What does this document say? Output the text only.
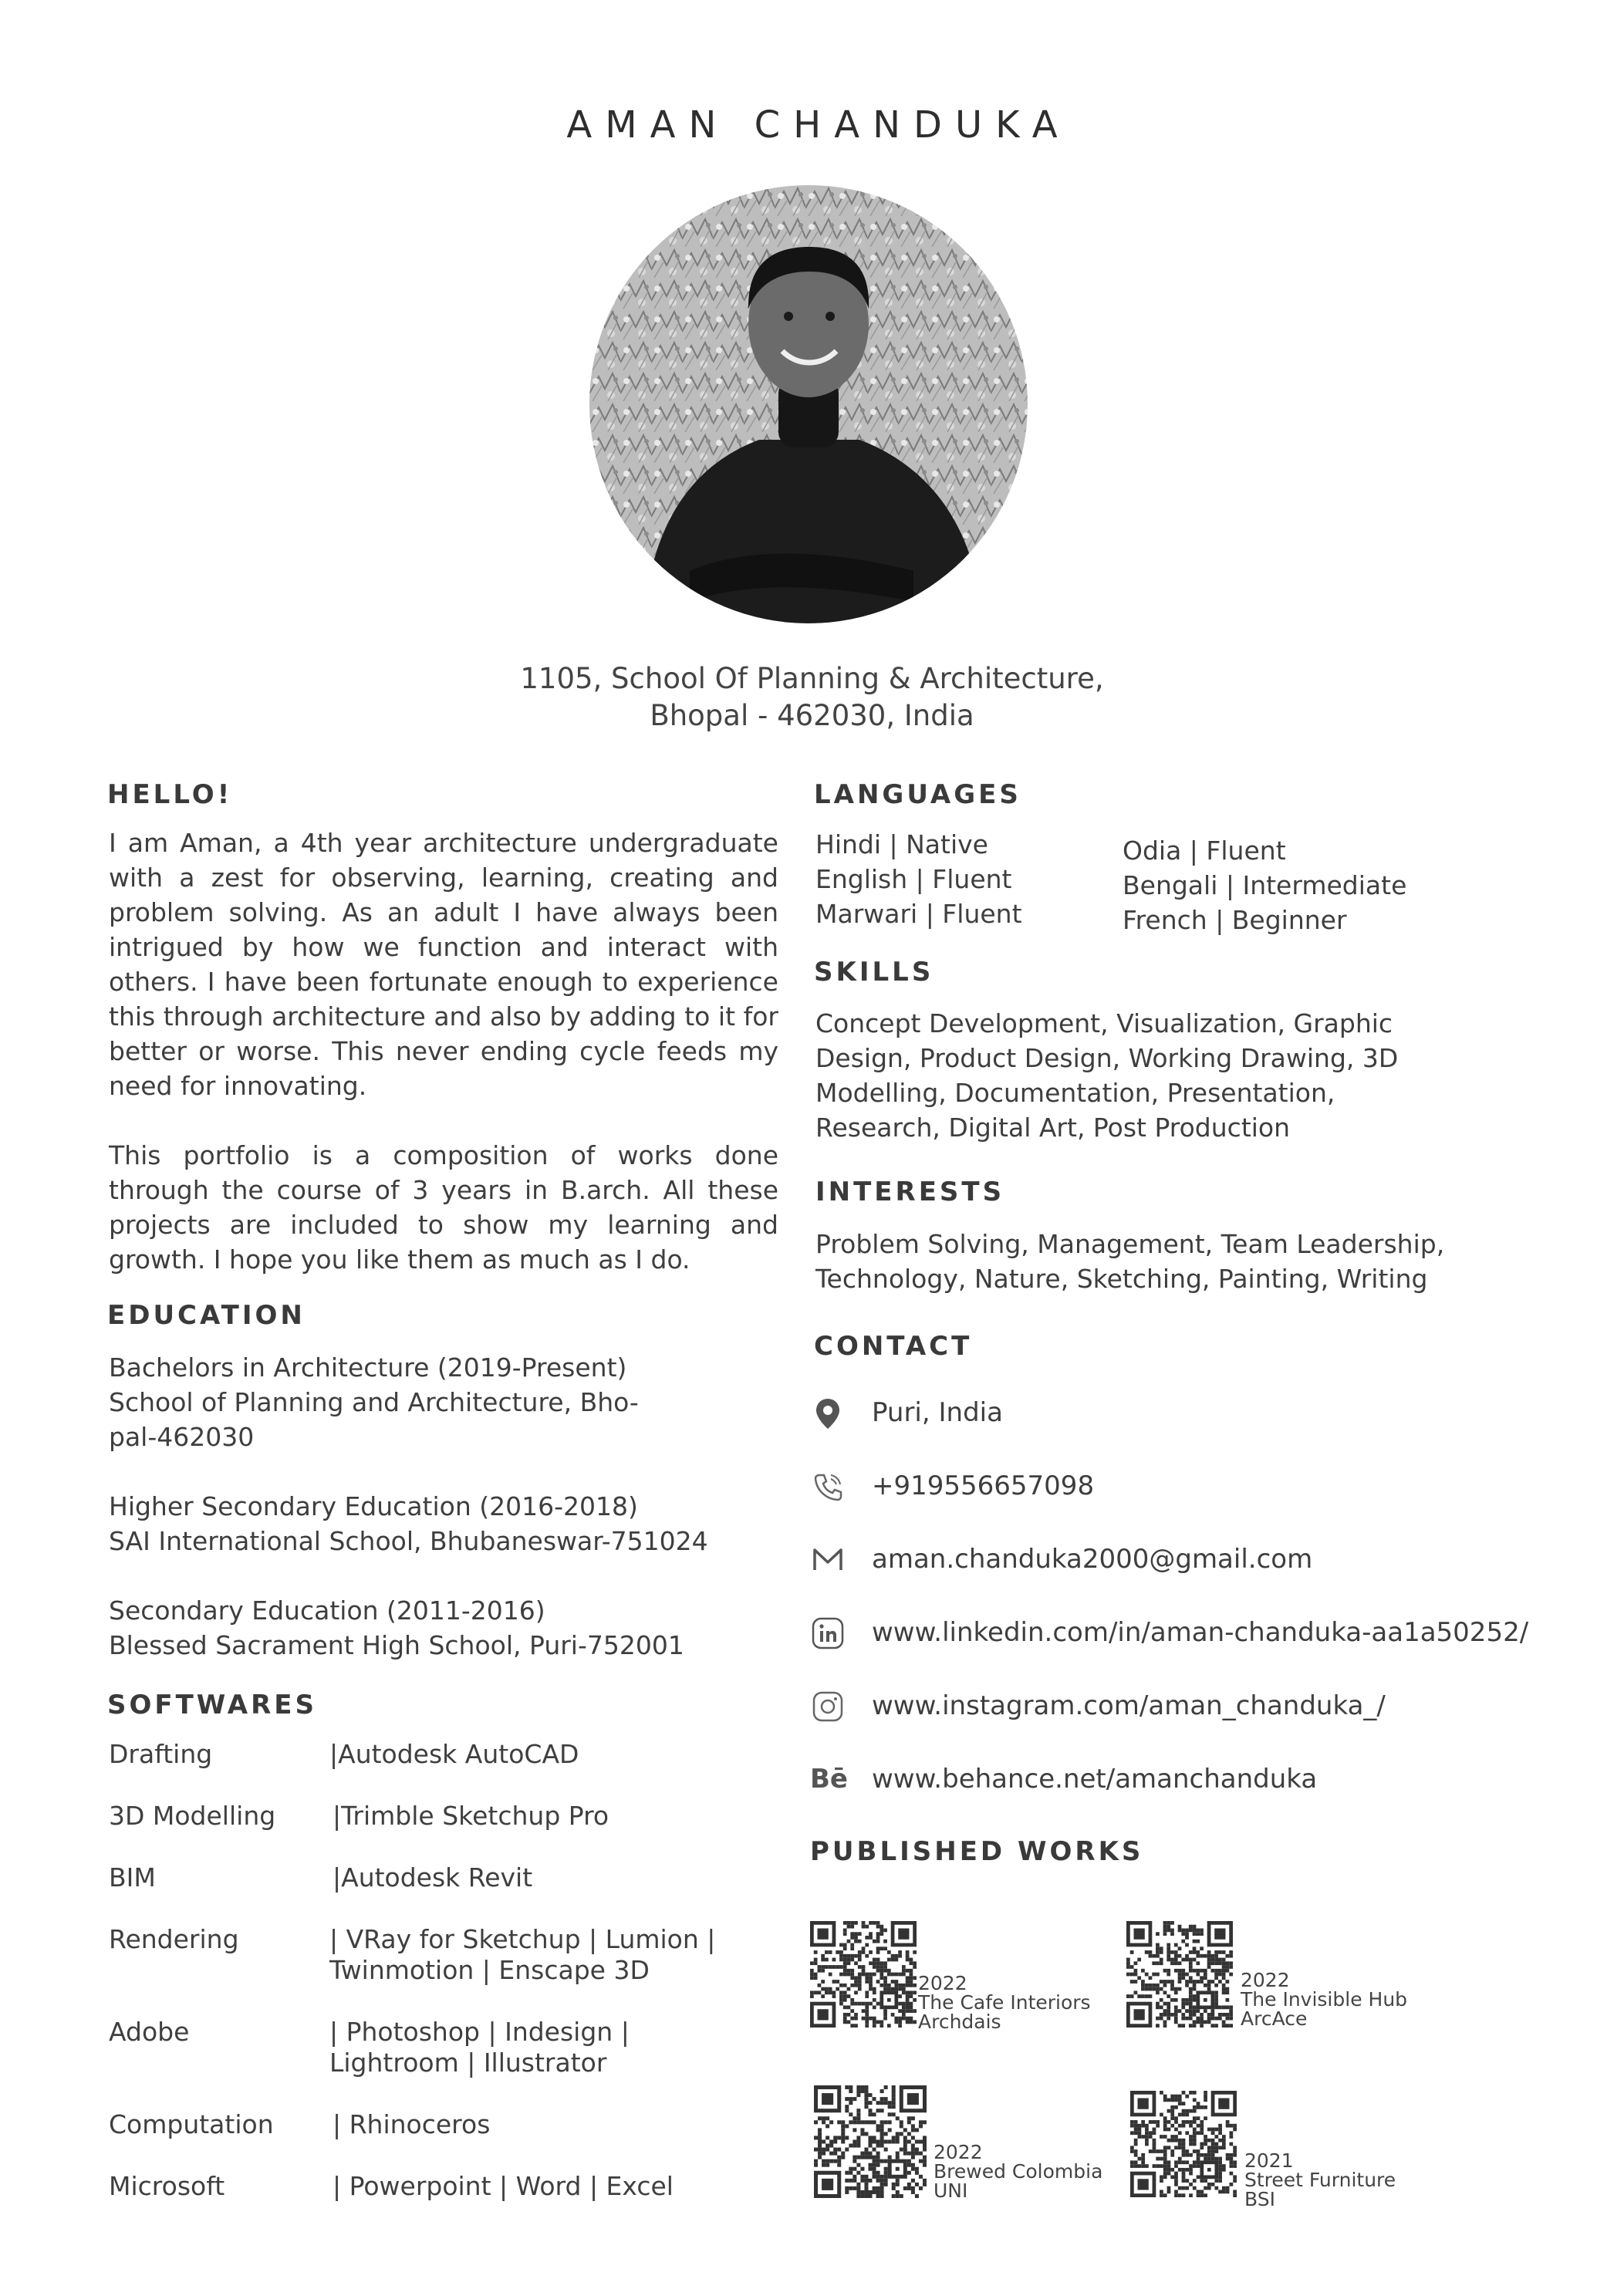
AMAN CHANDUKA
1105, School Of Planning & Architecture,
Bhopal - 462030, India
HELLO!
I am Aman, a 4th year architecture undergraduate with a zest for observing, learning, creating and problem solving. As an adult I have always been intrigued by how we function and interact with others. I have been fortunate enough to experience this through architecture and also by adding to it for better or worse. This never ending cycle feeds my need for innovating.
This portfolio is a composition of works done through the course of 3 years in B.arch. All these projects are included to show my learning and growth. I hope you like them as much as I do.
EDUCATION
Bachelors in Architecture (2019-Present)
School of Planning and Architecture, Bho-
pal-462030
Higher Secondary Education (2016-2018)
SAI International School, Bhubaneswar-751024
Secondary Education (2011-2016)
Blessed Sacrament High School, Puri-752001
SOFTWARES
Drafting	|Autodesk AutoCAD
3D Modelling |Trimble Sketchup Pro
BIM	|Autodesk Revit
Rendering	| VRay for Sketchup | Lumion |
Twinmotion | Enscape 3D
Adobe	| Photoshop | Indesign |
Lightroom | Illustrator
Computation | Rhinoceros
Microsoft	| Powerpoint | Word | Excel
LANGUAGES
Hindi | Native
English | Fluent
Marwari | Fluent
Odia | Fluent
Bengali | Intermediate
French | Beginner
SKILLS
Concept Development, Visualization, Graphic
Design, Product Design, Working Drawing, 3D
Modelling, Documentation, Presentation,
Research, Digital Art, Post Production
INTERESTS
Problem Solving, Management, Team Leadership,
Technology, Nature, Sketching, Painting, Writing
CONTACT
Puri, India
+919556657098
aman.chanduka2000@gmail.com
www.linkedin.com/in/aman-chanduka-aa1a50252/
www.instagram.com/aman_chanduka_/
Bē www.behance.net/amanchanduka
PUBLISHED WORKS
2022
The Cafe Interiors
Archdais
2022
The Invisible Hub
ArcAce
2022
Brewed Colombia
UNI
2021
Street Furniture
BSI
